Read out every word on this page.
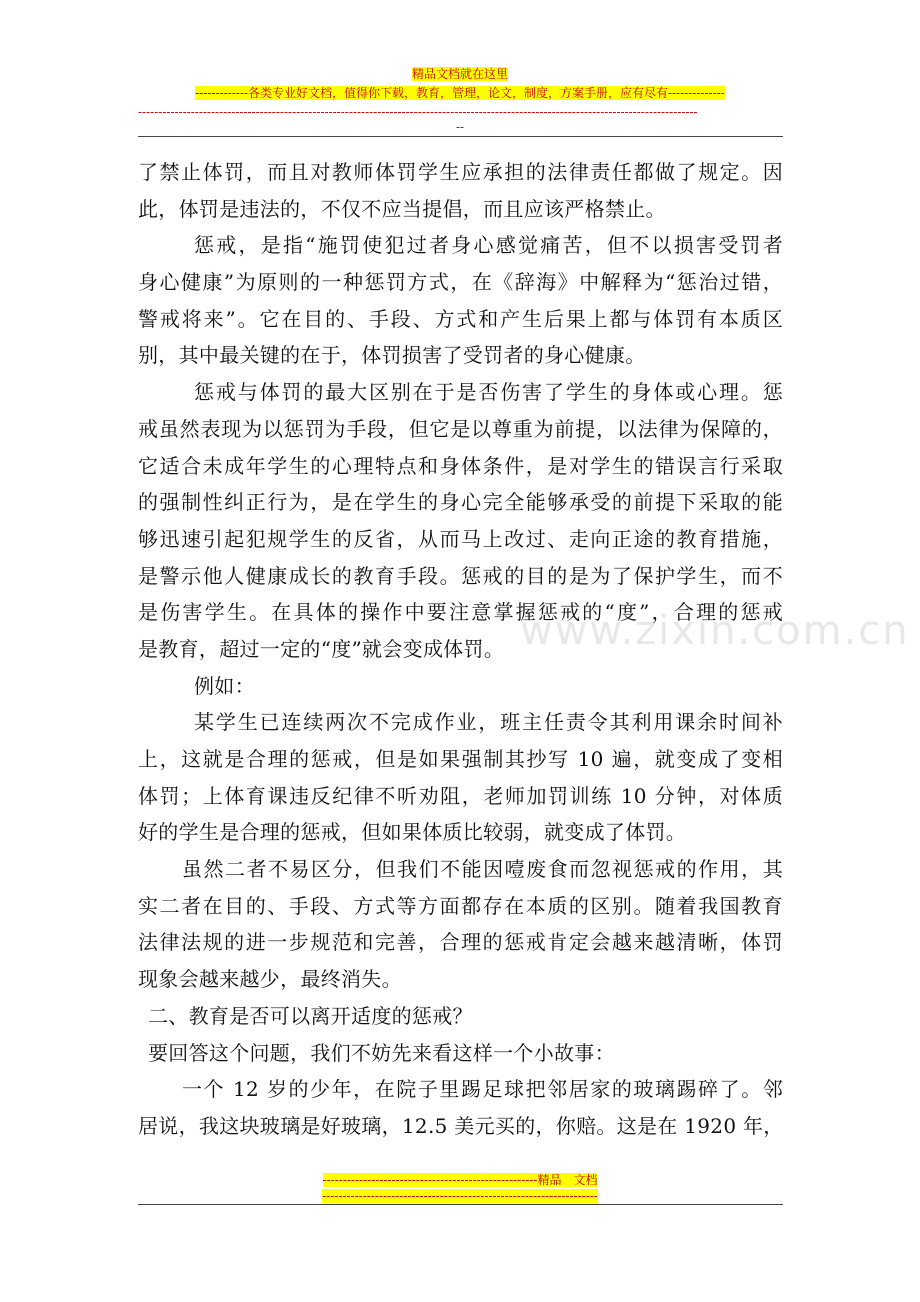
精品文档就在这里
-------------各类专业好文档，值得你下载，教育，管理，论文，制度，方案手册，应有尽有--------------
------------------------------------------------------------------------------------------------------------------------------------------
--
www.zixin.com.cn
了禁止体罚，而且对教师体罚学生应承担的法律责任都做了规定。因
此，体罚是违法的，不仅不应当提倡，而且应该严格禁止。
惩戒，是指“施罚使犯过者身心感觉痛苦，但不以损害受罚者
身心健康”为原则的一种惩罚方式，在《辞海》中解释为“惩治过错，
警戒将来”。它在目的、手段、方式和产生后果上都与体罚有本质区
别，其中最关键的在于，体罚损害了受罚者的身心健康。
惩戒与体罚的最大区别在于是否伤害了学生的身体或心理。惩
戒虽然表现为以惩罚为手段，但它是以尊重为前提，以法律为保障的，
它适合未成年学生的心理特点和身体条件，是对学生的错误言行采取
的强制性纠正行为，是在学生的身心完全能够承受的前提下采取的能
够迅速引起犯规学生的反省，从而马上改过、走向正途的教育措施，
是警示他人健康成长的教育手段。惩戒的目的是为了保护学生，而不
是伤害学生。在具体的操作中要注意掌握惩戒的“度”，合理的惩戒
是教育，超过一定的“度”就会变成体罚。
例如：
某学生已连续两次不完成作业，班主任责令其利用课余时间补
上，这就是合理的惩戒，但是如果强制其抄写 10 遍，就变成了变相
体罚；上体育课违反纪律不听劝阻，老师加罚训练 10 分钟，对体质
好的学生是合理的惩戒，但如果体质比较弱，就变成了体罚。
虽然二者不易区分，但我们不能因噎废食而忽视惩戒的作用，其
实二者在目的、手段、方式等方面都存在本质的区别。随着我国教育
法律法规的进一步规范和完善，合理的惩戒肯定会越来越清晰，体罚
现象会越来越少，最终消失。
二、教育是否可以离开适度的惩戒？
要回答这个问题，我们不妨先来看这样一个小故事：
一个 12 岁的少年，在院子里踢足球把邻居家的玻璃踢碎了。邻
居说，我这块玻璃是好玻璃，12.5 美元买的，你赔。这是在 1920 年，
-----------------------------------------------------精品　文档
--------------------------------------------------------------------
